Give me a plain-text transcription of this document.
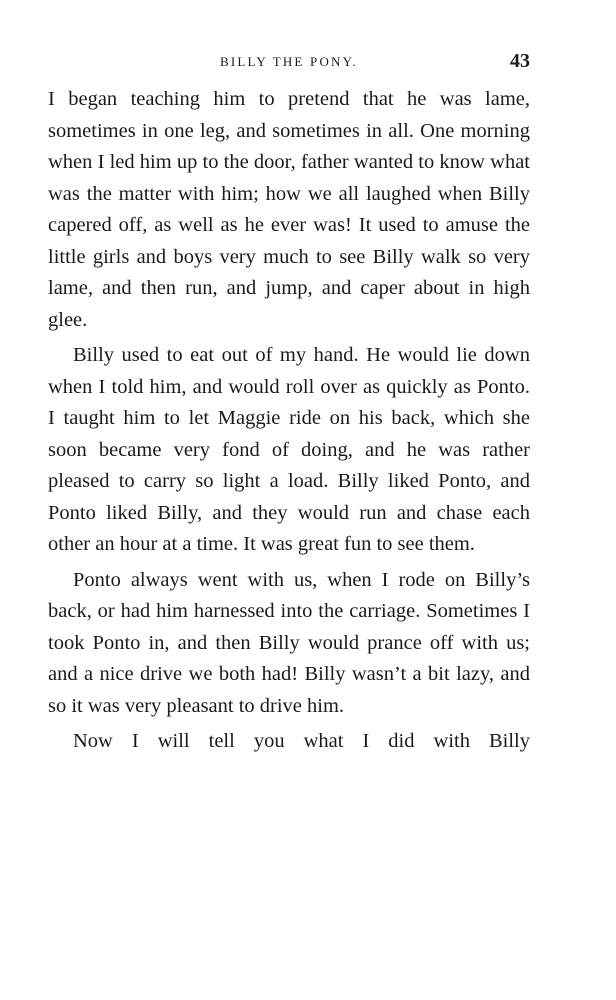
BILLY THE PONY.	43

I began teaching him to pretend that he was lame, sometimes in one leg, and sometimes in all. One morning when I led him up to the door, father wanted to know what was the matter with him; how we all laughed when Billy capered off, as well as he ever was! It used to amuse the little girls and boys very much to see Billy walk so very lame, and then run, and jump, and caper about in high glee.

Billy used to eat out of my hand. He would lie down when I told him, and would roll over as quickly as Ponto. I taught him to let Maggie ride on his back, which she soon became very fond of doing, and he was rather pleased to carry so light a load. Billy liked Ponto, and Ponto liked Billy, and they would run and chase each other an hour at a time. It was great fun to see them.

Ponto always went with us, when I rode on Billy’s back, or had him harnessed into the carriage. Sometimes I took Ponto in, and then Billy would prance off with us; and a nice drive we both had! Billy wasn’t a bit lazy, and so it was very pleasant to drive him.

Now I will tell you what I did with Billy
